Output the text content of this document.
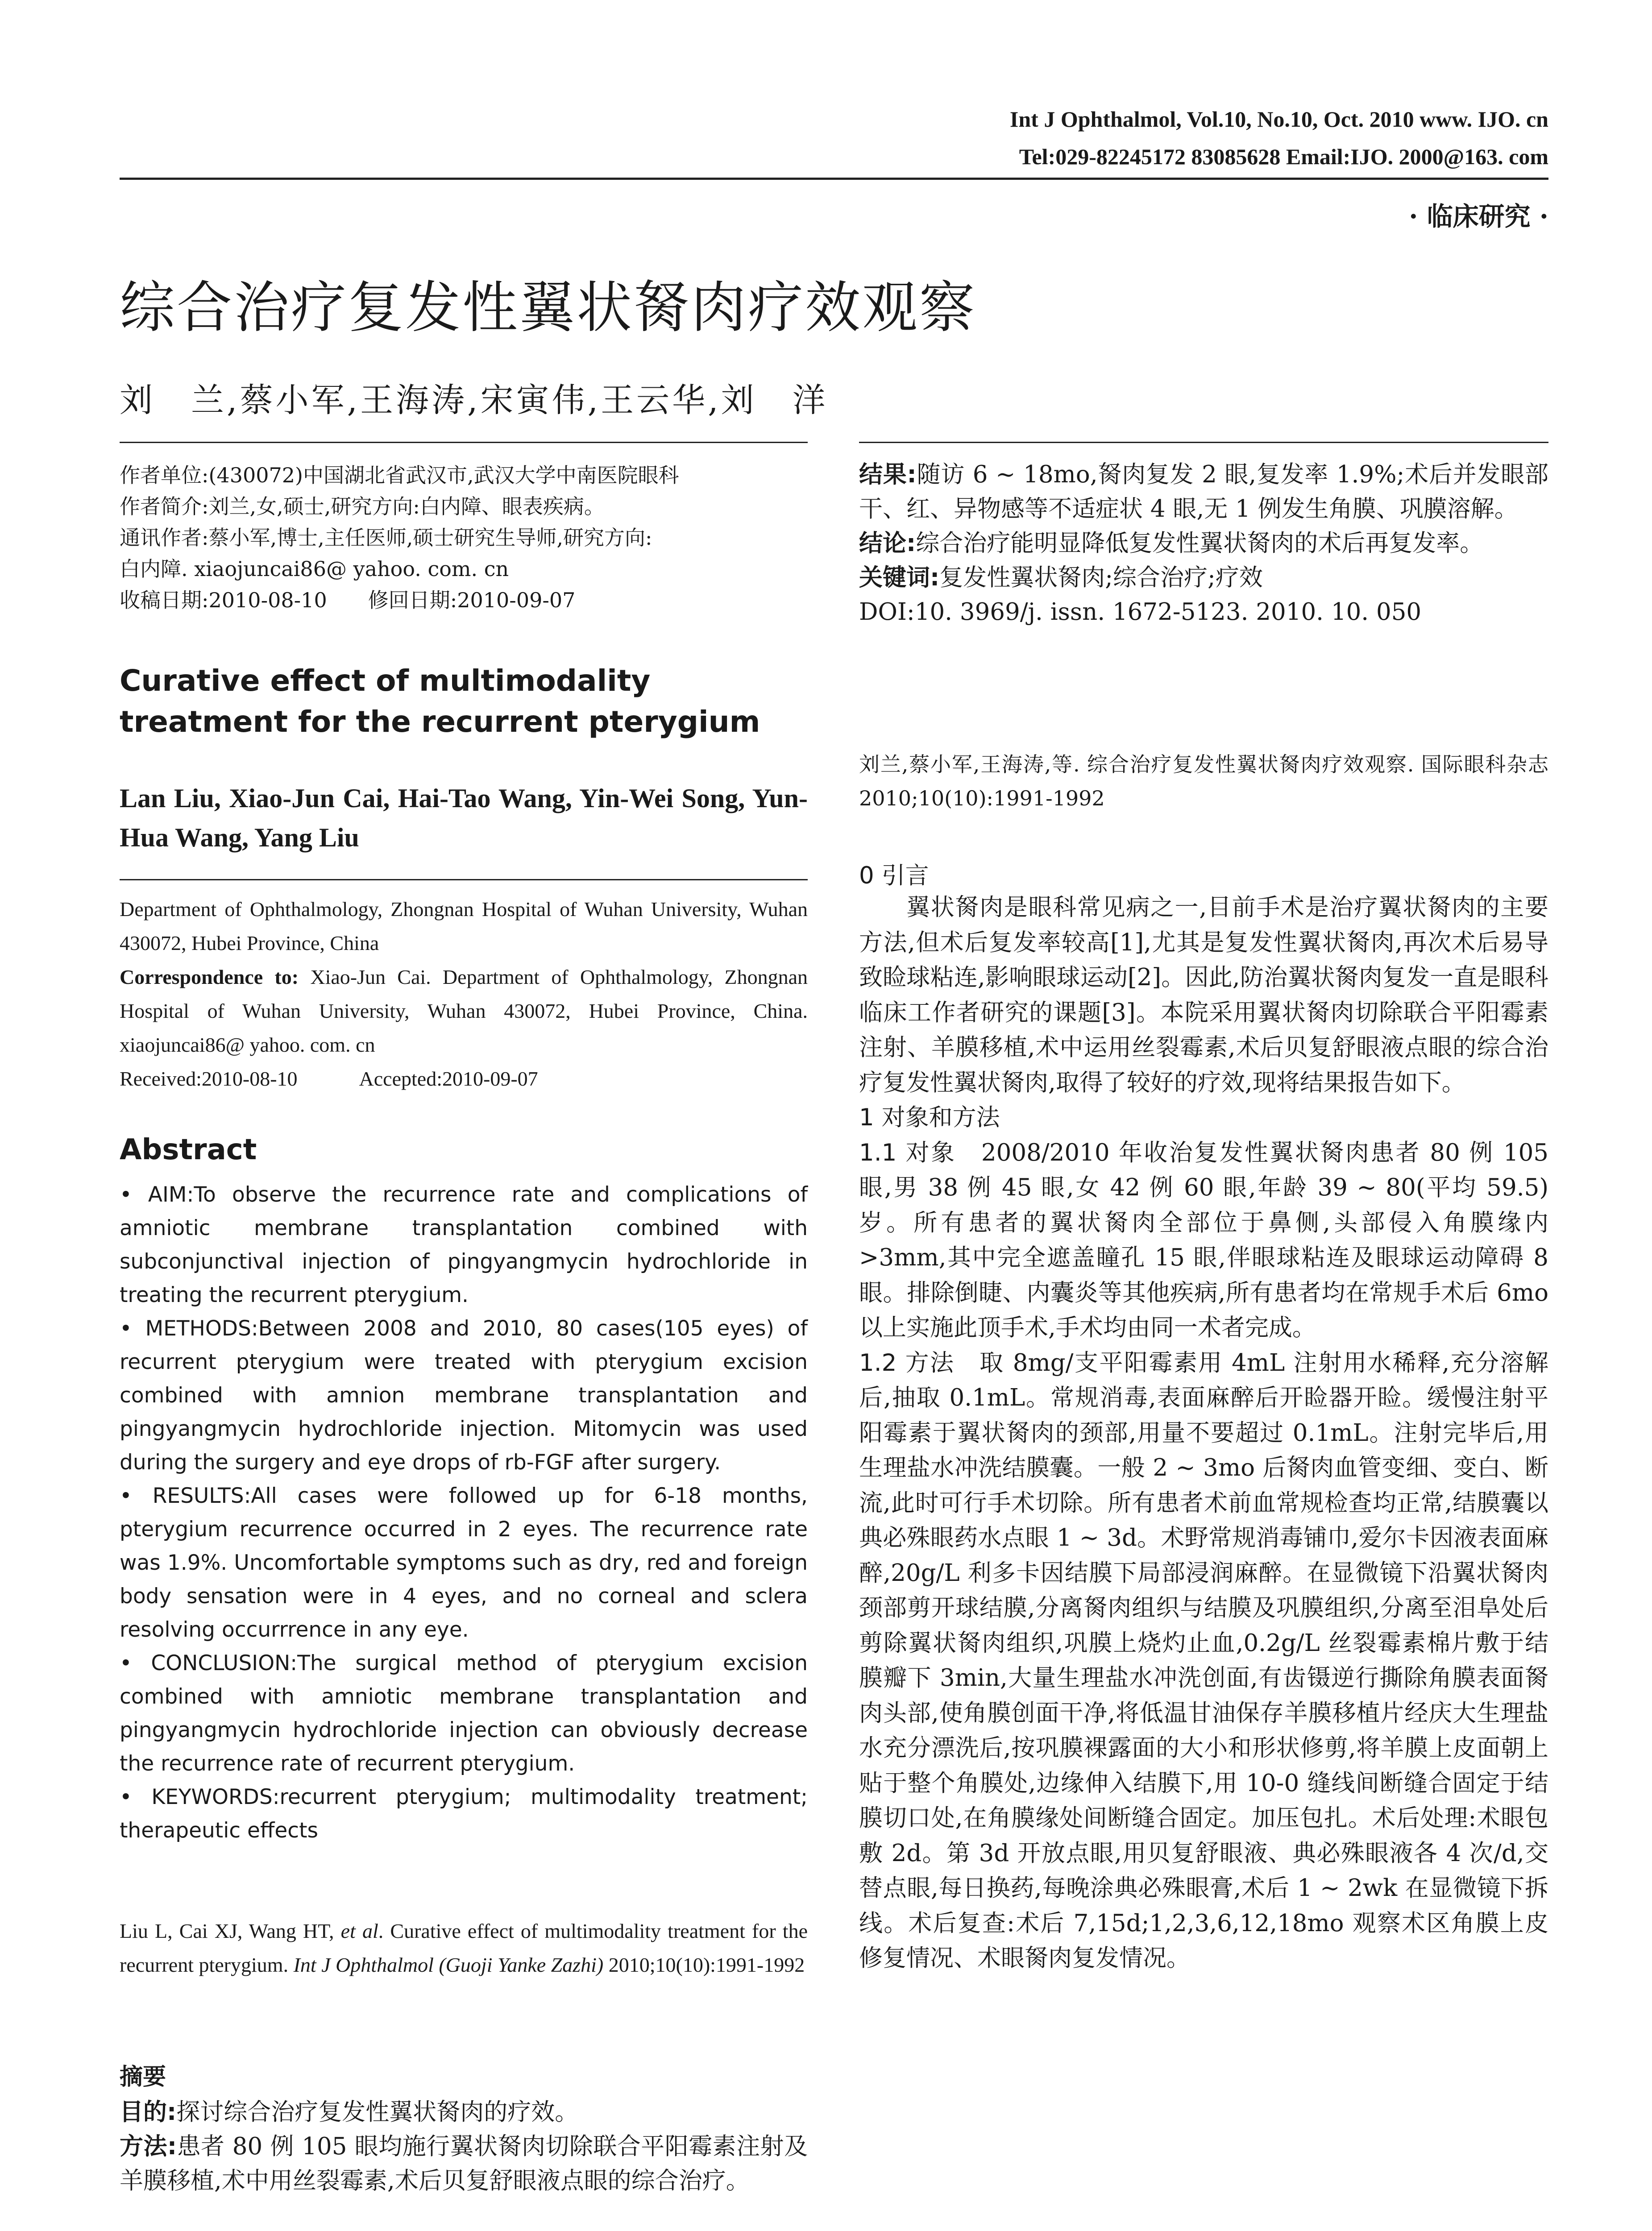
Int J Ophthalmol, Vol.10, No.10, Oct. 2010 www. IJO. cn
Tel:029-82245172 83085628 Email:IJO. 2000@163. com
· 临床研究 ·
综合治疗复发性翼状胬肉疗效观察
刘　兰,蔡小军,王海涛,宋寅伟,王云华,刘　洋

作者单位:(430072)中国湖北省武汉市,武汉大学中南医院眼科

作者简介:刘兰,女,硕士,研究方向:白内障、眼表疾病。

通讯作者:蔡小军,博士,主任医师,硕士研究生导师,研究方向:

白内障. xiaojuncai86@ yahoo. com. cn

收稿日期:2010-08-10　　修回日期:2010-09-07

Curative effect of multimodality treatment for the recurrent pterygium
Lan Liu, Xiao-Jun Cai, Hai-Tao Wang, Yin-Wei Song, Yun-Hua Wang, Yang Liu

Department of Ophthalmology, Zhongnan Hospital of Wuhan University, Wuhan 430072, Hubei Province, China

Correspondence to: Xiao-Jun Cai. Department of Ophthalmology, Zhongnan Hospital of Wuhan University, Wuhan 430072, Hubei Province, China. xiaojuncai86@ yahoo. com. cn

Received:2010-08-10　　　Accepted:2010-09-07

Abstract

• AIM:To observe the recurrence rate and complications of amniotic membrane transplantation combined with subconjunctival injection of pingyangmycin hydrochloride in treating the recurrent pterygium.

• METHODS:Between 2008 and 2010, 80 cases(105 eyes) of recurrent pterygium were treated with pterygium excision combined with amnion membrane transplantation and pingyangmycin hydrochloride injection. Mitomycin was used during the surgery and eye drops of rb-FGF after surgery.

• RESULTS:All cases were followed up for 6-18 months, pterygium recurrence occurred in 2 eyes. The recurrence rate was 1.9%. Uncomfortable symptoms such as dry, red and foreign body sensation were in 4 eyes, and no corneal and sclera resolving occurrrence in any eye.

• CONCLUSION:The surgical method of pterygium excision combined with amniotic membrane transplantation and pingyangmycin hydrochloride injection can obviously decrease the recurrence rate of recurrent pterygium.

• KEYWORDS:recurrent pterygium; multimodality treatment; therapeutic effects

Liu L, Cai XJ, Wang HT, et al. Curative effect of multimodality treatment for the recurrent pterygium. Int J Ophthalmol (Guoji Yanke Zazhi) 2010;10(10):1991-1992
摘要

目的:探讨综合治疗复发性翼状胬肉的疗效。

方法:患者 80 例 105 眼均施行翼状胬肉切除联合平阳霉素注射及羊膜移植,术中用丝裂霉素,术后贝复舒眼液点眼的综合治疗。

结果:随访 6 ~ 18mo,胬肉复发 2 眼,复发率 1.9%;术后并发眼部干、红、异物感等不适症状 4 眼,无 1 例发生角膜、巩膜溶解。

结论:综合治疗能明显降低复发性翼状胬肉的术后再复发率。

关键词:复发性翼状胬肉;综合治疗;疗效

DOI:10. 3969/j. issn. 1672-5123. 2010. 10. 050

刘兰,蔡小军,王海涛,等. 综合治疗复发性翼状胬肉疗效观察. 国际眼科杂志 2010;10(10):1991-1992
0 引言

翼状胬肉是眼科常见病之一,目前手术是治疗翼状胬肉的主要方法,但术后复发率较高[1],尤其是复发性翼状胬肉,再次术后易导致睑球粘连,影响眼球运动[2]。因此,防治翼状胬肉复发一直是眼科临床工作者研究的课题[3]。本院采用翼状胬肉切除联合平阳霉素注射、羊膜移植,术中运用丝裂霉素,术后贝复舒眼液点眼的综合治疗复发性翼状胬肉,取得了较好的疗效,现将结果报告如下。

1 对象和方法

1.1 对象　 2008/2010 年收治复发性翼状胬肉患者 80 例 105 眼,男 38 例 45 眼,女 42 例 60 眼,年龄 39 ~ 80(平均 59.5)岁。所有患者的翼状胬肉全部位于鼻侧,头部侵入角膜缘内 >3mm,其中完全遮盖瞳孔 15 眼,伴眼球粘连及眼球运动障碍 8 眼。排除倒睫、内囊炎等其他疾病,所有患者均在常规手术后 6mo 以上实施此顶手术,手术均由同一术者完成。

1.2 方法　 取 8mg/支平阳霉素用 4mL 注射用水稀释,充分溶解后,抽取 0.1mL。常规消毒,表面麻醉后开睑器开睑。缓慢注射平阳霉素于翼状胬肉的颈部,用量不要超过 0.1mL。注射完毕后,用生理盐水冲洗结膜囊。一般 2 ~ 3mo 后胬肉血管变细、变白、断流,此时可行手术切除。所有患者术前血常规检查均正常,结膜囊以典必殊眼药水点眼 1 ~ 3d。术野常规消毒铺巾,爱尔卡因液表面麻醉,20g/L 利多卡因结膜下局部浸润麻醉。在显微镜下沿翼状胬肉颈部剪开球结膜,分离胬肉组织与结膜及巩膜组织,分离至泪阜处后剪除翼状胬肉组织,巩膜上烧灼止血,0.2g/L 丝裂霉素棉片敷于结膜瓣下 3min,大量生理盐水冲洗创面,有齿镊逆行撕除角膜表面胬肉头部,使角膜创面干净,将低温甘油保存羊膜移植片经庆大生理盐水充分漂洗后,按巩膜裸露面的大小和形状修剪,将羊膜上皮面朝上贴于整个角膜处,边缘伸入结膜下,用 10-0 缝线间断缝合固定于结膜切口处,在角膜缘处间断缝合固定。加压包扎。术后处理:术眼包敷 2d。第 3d 开放点眼,用贝复舒眼液、典必殊眼液各 4 次/d,交替点眼,每日换药,每晚涂典必殊眼膏,术后 1 ~ 2wk 在显微镜下拆线。术后复查:术后 7,15d;1,2,3,6,12,18mo 观察术区角膜上皮修复情况、术眼胬肉复发情况。
